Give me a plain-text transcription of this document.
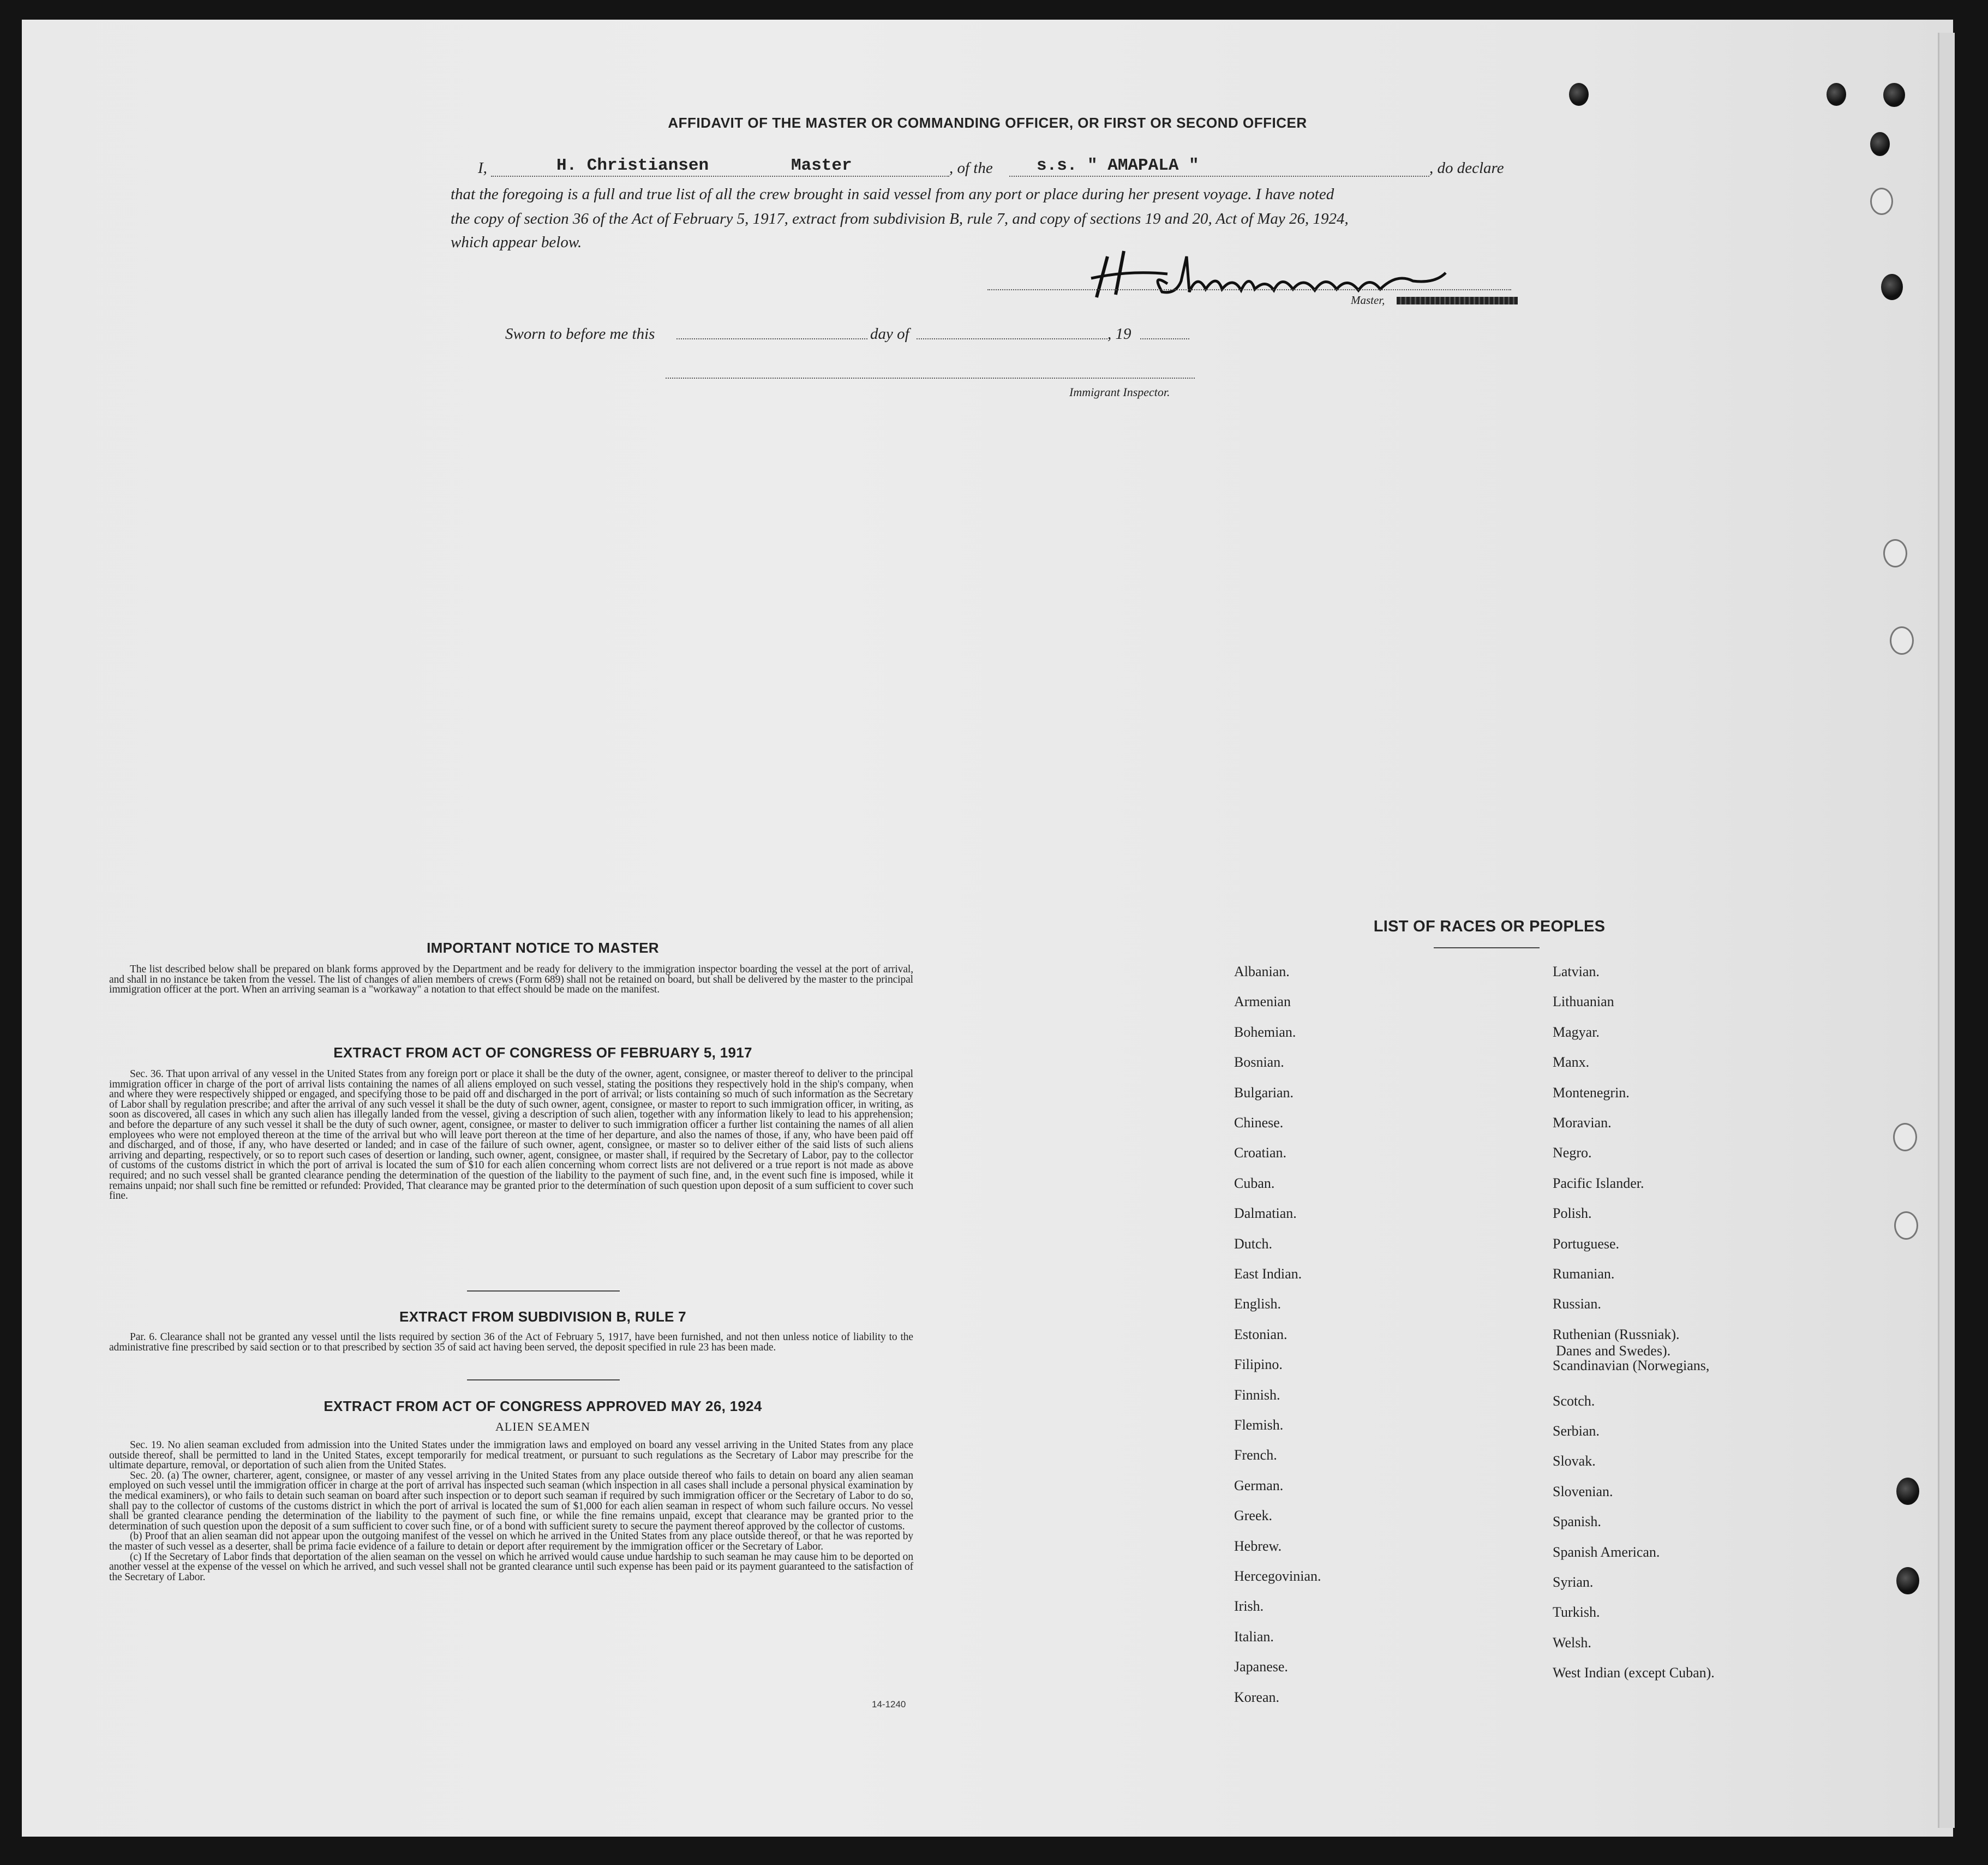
AFFIDAVIT OF THE MASTER OR COMMANDING OFFICER, OR FIRST OR SECOND OFFICER
I,	H. Christiansen	Master	, of the	s.s. " AMAPALA "	, do declare
that the foregoing is a full and true list of all the crew brought in said vessel from any port or place during her present voyage. I have noted
the copy of section 36 of the Act of February 5, 1917, extract from subdivision B, rule 7, and copy of sections 19 and 20, Act of May 26, 1924,
which appear below.
Master,
Sworn to before me this	day of	, 19
Immigrant Inspector.
IMPORTANT NOTICE TO MASTER

The list described below shall be prepared on blank forms approved by the Department and be ready for delivery to the immigration inspector boarding the vessel at the port of arrival, and shall in no instance be taken from the vessel. The list of changes of alien members of crews (Form 689) shall not be retained on board, but shall be delivered by the master to the principal immigration officer at the port. When an arriving seaman is a "workaway" a notation to that effect should be made on the manifest.

EXTRACT FROM ACT OF CONGRESS OF FEBRUARY 5, 1917

Sec. 36. That upon arrival of any vessel in the United States from any foreign port or place it shall be the duty of the owner, agent, consignee, or master thereof to deliver to the principal immigration officer in charge of the port of arrival lists containing the names of all aliens employed on such vessel, stating the positions they respectively hold in the ship's company, when and where they were respectively shipped or engaged, and specifying those to be paid off and discharged in the port of arrival; or lists containing so much of such information as the Secretary of Labor shall by regulation prescribe; and after the arrival of any such vessel it shall be the duty of such owner, agent, consignee, or master to report to such immigration officer, in writing, as soon as discovered, all cases in which any such alien has illegally landed from the vessel, giving a description of such alien, together with any information likely to lead to his apprehension; and before the departure of any such vessel it shall be the duty of such owner, agent, consignee, or master to deliver to such immigration officer a further list containing the names of all alien employees who were not employed thereon at the time of the arrival but who will leave port thereon at the time of her departure, and also the names of those, if any, who have been paid off and discharged, and of those, if any, who have deserted or landed; and in case of the failure of such owner, agent, consignee, or master so to deliver either of the said lists of such aliens arriving and departing, respectively, or so to report such cases of desertion or landing, such owner, agent, consignee, or master shall, if required by the Secretary of Labor, pay to the collector of customs of the customs district in which the port of arrival is located the sum of $10 for each alien concerning whom correct lists are not delivered or a true report is not made as above required; and no such vessel shall be granted clearance pending the determination of the question of the liability to the payment of such fine, and, in the event such fine is imposed, while it remains unpaid; nor shall such fine be remitted or refunded: Provided, That clearance may be granted prior to the determination of such question upon deposit of a sum sufficient to cover such fine.

EXTRACT FROM SUBDIVISION B, RULE 7

Par. 6. Clearance shall not be granted any vessel until the lists required by section 36 of the Act of February 5, 1917, have been furnished, and not then unless notice of liability to the administrative fine prescribed by said section or to that prescribed by section 35 of said act having been served, the deposit specified in rule 23 has been made.

EXTRACT FROM ACT OF CONGRESS APPROVED MAY 26, 1924
ALIEN SEAMEN

Sec. 19. No alien seaman excluded from admission into the United States under the immigration laws and employed on board any vessel arriving in the United States from any place outside thereof, shall be permitted to land in the United States, except temporarily for medical treatment, or pursuant to such regulations as the Secretary of Labor may prescribe for the ultimate departure, removal, or deportation of such alien from the United States.

Sec. 20. (a) The owner, charterer, agent, consignee, or master of any vessel arriving in the United States from any place outside thereof who fails to detain on board any alien seaman employed on such vessel until the immigration officer in charge at the port of arrival has inspected such seaman (which inspection in all cases shall include a personal physical examination by the medical examiners), or who fails to detain such seaman on board after such inspection or to deport such seaman if required by such immigration officer or the Secretary of Labor to do so, shall pay to the collector of customs of the customs district in which the port of arrival is located the sum of $1,000 for each alien seaman in respect of whom such failure occurs. No vessel shall be granted clearance pending the determination of the liability to the payment of such fine, or while the fine remains unpaid, except that clearance may be granted prior to the determination of such question upon the deposit of a sum sufficient to cover such fine, or of a bond with sufficient surety to secure the payment thereof approved by the collector of customs.

(b) Proof that an alien seaman did not appear upon the outgoing manifest of the vessel on which he arrived in the United States from any place outside thereof, or that he was reported by the master of such vessel as a deserter, shall be prima facie evidence of a failure to detain or deport after requirement by the immigration officer or the Secretary of Labor.

(c) If the Secretary of Labor finds that deportation of the alien seaman on the vessel on which he arrived would cause undue hardship to such seaman he may cause him to be deported on another vessel at the expense of the vessel on which he arrived, and such vessel shall not be granted clearance until such expense has been paid or its payment guaranteed to the satisfaction of the Secretary of Labor.

14-1240
LIST OF RACES OR PEOPLES
Albanian.
Armenian
Bohemian.
Bosnian.
Bulgarian.
Chinese.
Croatian.
Cuban.
Dalmatian.
Dutch.
East Indian.
English.
Estonian.
Filipino.
Finnish.
Flemish.
French.
German.
Greek.
Hebrew.
Hercegovinian.
Irish.
Italian.
Japanese.
Korean.
Latvian.
Lithuanian
Magyar.
Manx.
Montenegrin.
Moravian.
Negro.
Pacific Islander.
Polish.
Portuguese.
Rumanian.
Russian.
Ruthenian (Russniak).
Scandinavian (Norwegians,
Danes and Swedes).
Scotch.
Serbian.
Slovak.
Slovenian.
Spanish.
Spanish American.
Syrian.
Turkish.
Welsh.
West Indian (except Cuban).
